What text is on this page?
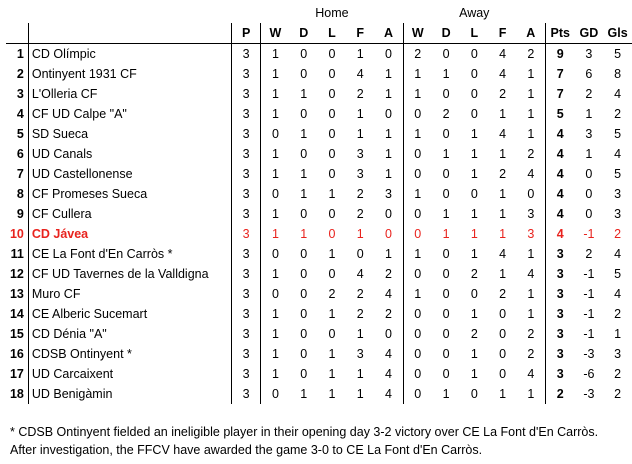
			Home					Away							
		P	W	D	L	F	A	W	D	L	F	A	Pts	GD	Gls
1	CD Olímpic	3	1	0	0	1	0	2	0	0	4	2	9	3	5
2	Ontinyent 1931 CF	3	1	0	0	4	1	1	1	0	4	1	7	6	8
3	L'Olleria CF	3	1	1	0	2	1	1	0	0	2	1	7	2	4
4	CF UD Calpe "A"	3	1	0	0	1	0	0	2	0	1	1	5	1	2
5	SD Sueca	3	0	1	0	1	1	1	0	1	4	1	4	3	5
6	UD Canals	3	1	0	0	3	1	0	1	1	1	2	4	1	4
7	UD Castellonense	3	1	1	0	3	1	0	0	1	2	4	4	0	5
8	CF Promeses Sueca	3	0	1	1	2	3	1	0	0	1	0	4	0	3
9	CF Cullera	3	1	0	0	2	0	0	1	1	1	3	4	0	3
10	CD Jávea	3	1	1	0	1	0	0	1	1	1	3	4	-1	2
11	CE La Font d'En Carròs *	3	0	0	1	0	1	1	0	1	4	1	3	2	4
12	CF UD Tavernes de la Valldigna	3	1	0	0	4	2	0	0	2	1	4	3	-1	5
13	Muro CF	3	0	0	2	2	4	1	0	0	2	1	3	-1	4
14	CE Alberic Sucemart	3	1	0	1	2	2	0	0	1	0	1	3	-1	2
15	CD Dénia "A"	3	1	0	0	1	0	0	0	2	0	2	3	-1	1
16	CDSB Ontinyent *	3	1	0	1	3	4	0	0	1	0	2	3	-3	3
17	UD Carcaixent	3	1	0	1	1	4	0	0	1	0	4	3	-6	2
18	UD Benigàmin	3	0	1	1	1	4	0	1	0	1	1	2	-3	2
* CDSB Ontinyent fielded an ineligible player in their opening day 3-2 victory over CE La Font d'En Carròs.
After investigation, the FFCV have awarded the game 3-0 to CE La Font d'En Carròs.
